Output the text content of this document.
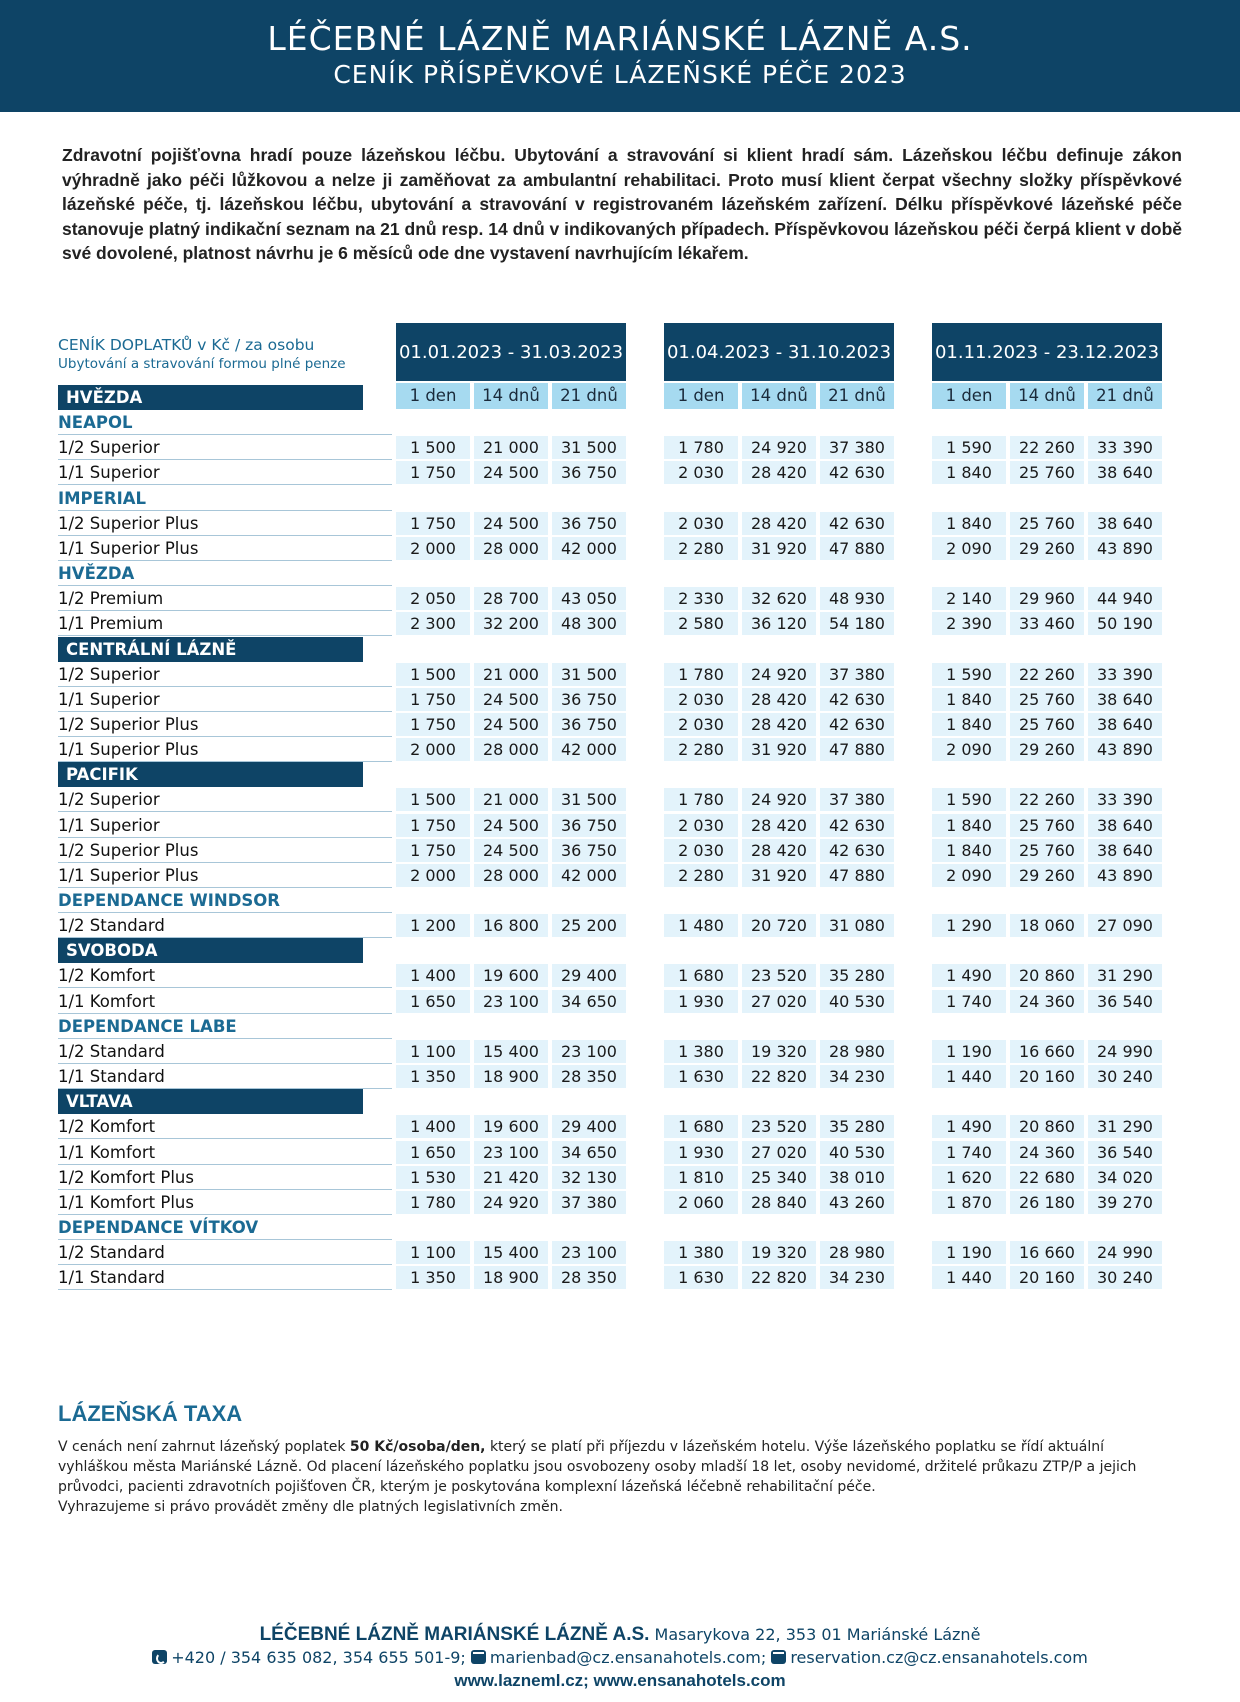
LÉČEBNÉ LÁZNĚ MARIÁNSKÉ LÁZNĚ A.S.
CENÍK PŘÍSPĚVKOVÉ LÁZEŇSKÉ PÉČE 2023
Zdravotní pojišťovna hradí pouze lázeňskou léčbu. Ubytování a stravování si klient hradí sám. Lázeňskou léčbu definuje zákon výhradně jako péči lůžkovou a nelze ji zaměňovat za ambulantní rehabilitaci. Proto musí klient čerpat všechny složky příspěvkové lázeňské péče, tj. lázeňskou léčbu, ubytování a stravování v registrovaném lázeňském zařízení. Délku příspěvkové lázeňské péče stanovuje platný indikační seznam na 21 dnů resp. 14 dnů v indikovaných případech. Příspěvkovou lázeňskou péči čerpá klient v době své dovolené, platnost návrhu je 6 měsíců ode dne vystavení navrhujícím lékařem.
CENÍK DOPLATKŮ v Kč / za osobu
Ubytování a stravování formou plné penze
01.01.2023 - 31.03.2023
1 den	14 dnů	21 dnů
01.04.2023 - 31.10.2023
1 den	14 dnů	21 dnů
01.11.2023 - 23.12.2023
1 den	14 dnů	21 dnů
HVĚZDA
NEAPOL
1/2 Superior	1 500	21 000	31 500	1 780	24 920	37 380	1 590	22 260	33 390
1/1 Superior	1 750	24 500	36 750	2 030	28 420	42 630	1 840	25 760	38 640
IMPERIAL
1/2 Superior Plus	1 750	24 500	36 750	2 030	28 420	42 630	1 840	25 760	38 640
1/1 Superior Plus	2 000	28 000	42 000	2 280	31 920	47 880	2 090	29 260	43 890
HVĚZDA
1/2 Premium	2 050	28 700	43 050	2 330	32 620	48 930	2 140	29 960	44 940
1/1 Premium	2 300	32 200	48 300	2 580	36 120	54 180	2 390	33 460	50 190
CENTRÁLNÍ LÁZNĚ
1/2 Superior	1 500	21 000	31 500	1 780	24 920	37 380	1 590	22 260	33 390
1/1 Superior	1 750	24 500	36 750	2 030	28 420	42 630	1 840	25 760	38 640
1/2 Superior Plus	1 750	24 500	36 750	2 030	28 420	42 630	1 840	25 760	38 640
1/1 Superior Plus	2 000	28 000	42 000	2 280	31 920	47 880	2 090	29 260	43 890
PACIFIK
1/2 Superior	1 500	21 000	31 500	1 780	24 920	37 380	1 590	22 260	33 390
1/1 Superior	1 750	24 500	36 750	2 030	28 420	42 630	1 840	25 760	38 640
1/2 Superior Plus	1 750	24 500	36 750	2 030	28 420	42 630	1 840	25 760	38 640
1/1 Superior Plus	2 000	28 000	42 000	2 280	31 920	47 880	2 090	29 260	43 890
DEPENDANCE WINDSOR
1/2 Standard	1 200	16 800	25 200	1 480	20 720	31 080	1 290	18 060	27 090
SVOBODA
1/2 Komfort	1 400	19 600	29 400	1 680	23 520	35 280	1 490	20 860	31 290
1/1 Komfort	1 650	23 100	34 650	1 930	27 020	40 530	1 740	24 360	36 540
DEPENDANCE LABE
1/2 Standard	1 100	15 400	23 100	1 380	19 320	28 980	1 190	16 660	24 990
1/1 Standard	1 350	18 900	28 350	1 630	22 820	34 230	1 440	20 160	30 240
VLTAVA
1/2 Komfort	1 400	19 600	29 400	1 680	23 520	35 280	1 490	20 860	31 290
1/1 Komfort	1 650	23 100	34 650	1 930	27 020	40 530	1 740	24 360	36 540
1/2 Komfort Plus	1 530	21 420	32 130	1 810	25 340	38 010	1 620	22 680	34 020
1/1 Komfort Plus	1 780	24 920	37 380	2 060	28 840	43 260	1 870	26 180	39 270
DEPENDANCE VÍTKOV
1/2 Standard	1 100	15 400	23 100	1 380	19 320	28 980	1 190	16 660	24 990
1/1 Standard	1 350	18 900	28 350	1 630	22 820	34 230	1 440	20 160	30 240
LÁZEŇSKÁ TAXA

V cenách není zahrnut lázeňský poplatek 50 Kč/osoba/den, který se platí při příjezdu v lázeňském hotelu. Výše lázeňského poplatku se řídí aktuální vyhláškou města Mariánské Lázně. Od placení lázeňského poplatku jsou osvobozeny osoby mladší 18 let, osoby nevidomé, držitelé průkazu ZTP/P a jejich průvodci, pacienti zdravotních pojišťoven ČR, kterým je poskytována komplexní lázeňská léčebně rehabilitační péče.

Vyhrazujeme si právo provádět změny dle platných legislativních změn.

LÉČEBNÉ LÁZNĚ MARIÁNSKÉ LÁZNĚ A.S. Masarykova 22, 353 01 Mariánské Lázně
+420 / 354 635 082, 354 655 501-9; marienbad@cz.ensanahotels.com; reservation.cz@cz.ensanahotels.com
www.lazneml.cz; www.ensanahotels.com
